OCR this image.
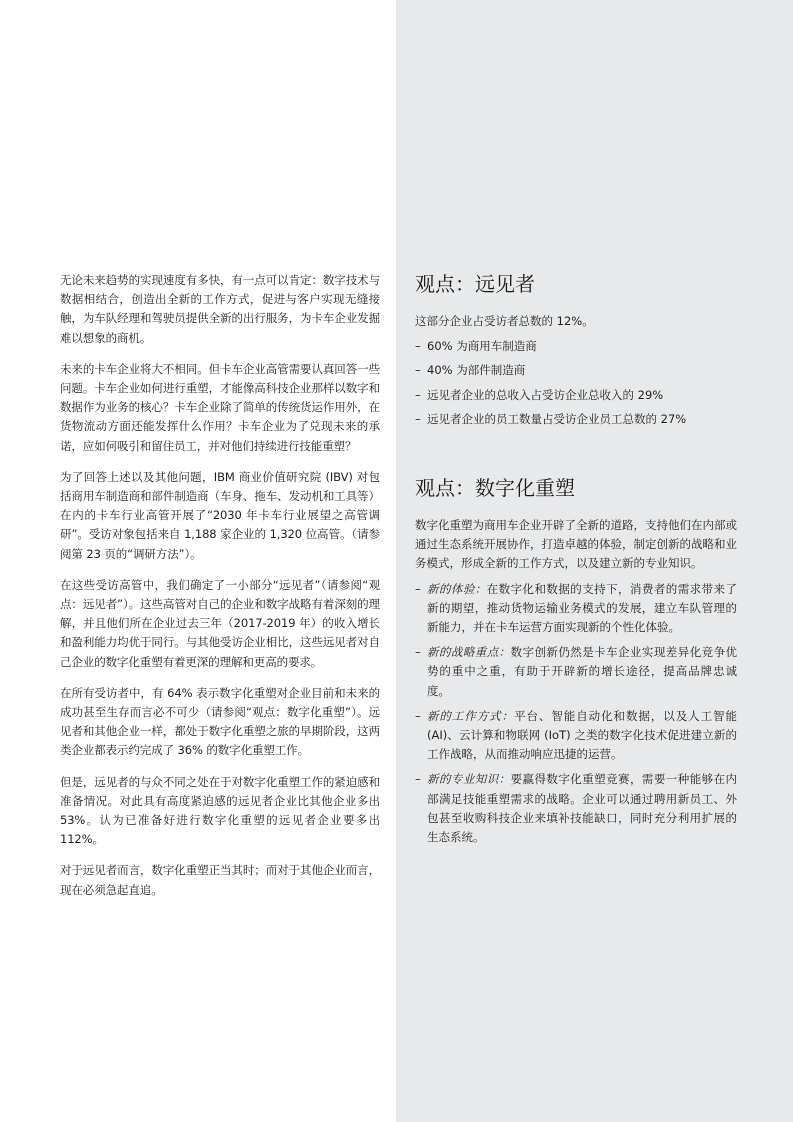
无论未来趋势的实现速度有多快，有一点可以肯定：数字技术与数据相结合，创造出全新的工作方式，促进与客户实现无缝接触，为车队经理和驾驶员提供全新的出行服务，为卡车企业发掘难以想象的商机。

未来的卡车企业将大不相同。但卡车企业高管需要认真回答一些问题。卡车企业如何进行重塑，才能像高科技企业那样以数字和数据作为业务的核心？卡车企业除了简单的传统货运作用外，在货物流动方面还能发挥什么作用？卡车企业为了兑现未来的承诺，应如何吸引和留住员工，并对他们持续进行技能重塑？

为了回答上述以及其他问题，IBM 商业价值研究院 (IBV) 对包括商用车制造商和部件制造商（车身、拖车、发动机和工具等）在内的卡车行业高管开展了“2030 年卡车行业展望之高管调研”。受访对象包括来自 1,188 家企业的 1,320 位高管。（请参阅第 23 页的“调研方法”）。

在这些受访高管中，我们确定了一小部分“远见者”（请参阅“观点：远见者”）。这些高管对自己的企业和数字战略有着深刻的理解，并且他们所在企业过去三年（2017-2019 年）的收入增长和盈利能力均优于同行。与其他受访企业相比，这些远见者对自己企业的数字化重塑有着更深的理解和更高的要求。

在所有受访者中，有 64% 表示数字化重塑对企业目前和未来的成功甚至生存而言必不可少（请参阅“观点：数字化重塑”）。远见者和其他企业一样，都处于数字化重塑之旅的早期阶段，这两类企业都表示约完成了 36% 的数字化重塑工作。

但是，远见者的与众不同之处在于对数字化重塑工作的紧迫感和准备情况。对此具有高度紧迫感的远见者企业比其他企业多出 53%。认为已准备好进行数字化重塑的远见者企业要多出 112%。

对于远见者而言，数字化重塑正当其时；而对于其他企业而言，现在必须急起直追。

观点：远见者

这部分企业占受访者总数的 12%。

– 60% 为商用车制造商
– 40% 为部件制造商
– 远见者企业的总收入占受访企业总收入的 29%
– 远见者企业的员工数量占受访企业员工总数的 27%
观点：数字化重塑

数字化重塑为商用车企业开辟了全新的道路，支持他们在内部或通过生态系统开展协作，打造卓越的体验，制定创新的战略和业务模式，形成全新的工作方式，以及建立新的专业知识。

– 新的体验：在数字化和数据的支持下，消费者的需求带来了新的期望，推动货物运输业务模式的发展，建立车队管理的新能力，并在卡车运营方面实现新的个性化体验。
– 新的战略重点：数字创新仍然是卡车企业实现差异化竞争优势的重中之重，有助于开辟新的增长途径，提高品牌忠诚度。
– 新的工作方式：平台、智能自动化和数据，以及人工智能 (AI)、云计算和物联网 (IoT) 之类的数字化技术促进建立新的工作战略，从而推动响应迅捷的运营。
– 新的专业知识：要赢得数字化重塑竞赛，需要一种能够在内部满足技能重塑需求的战略。企业可以通过聘用新员工、外包甚至收购科技企业来填补技能缺口，同时充分利用扩展的生态系统。
